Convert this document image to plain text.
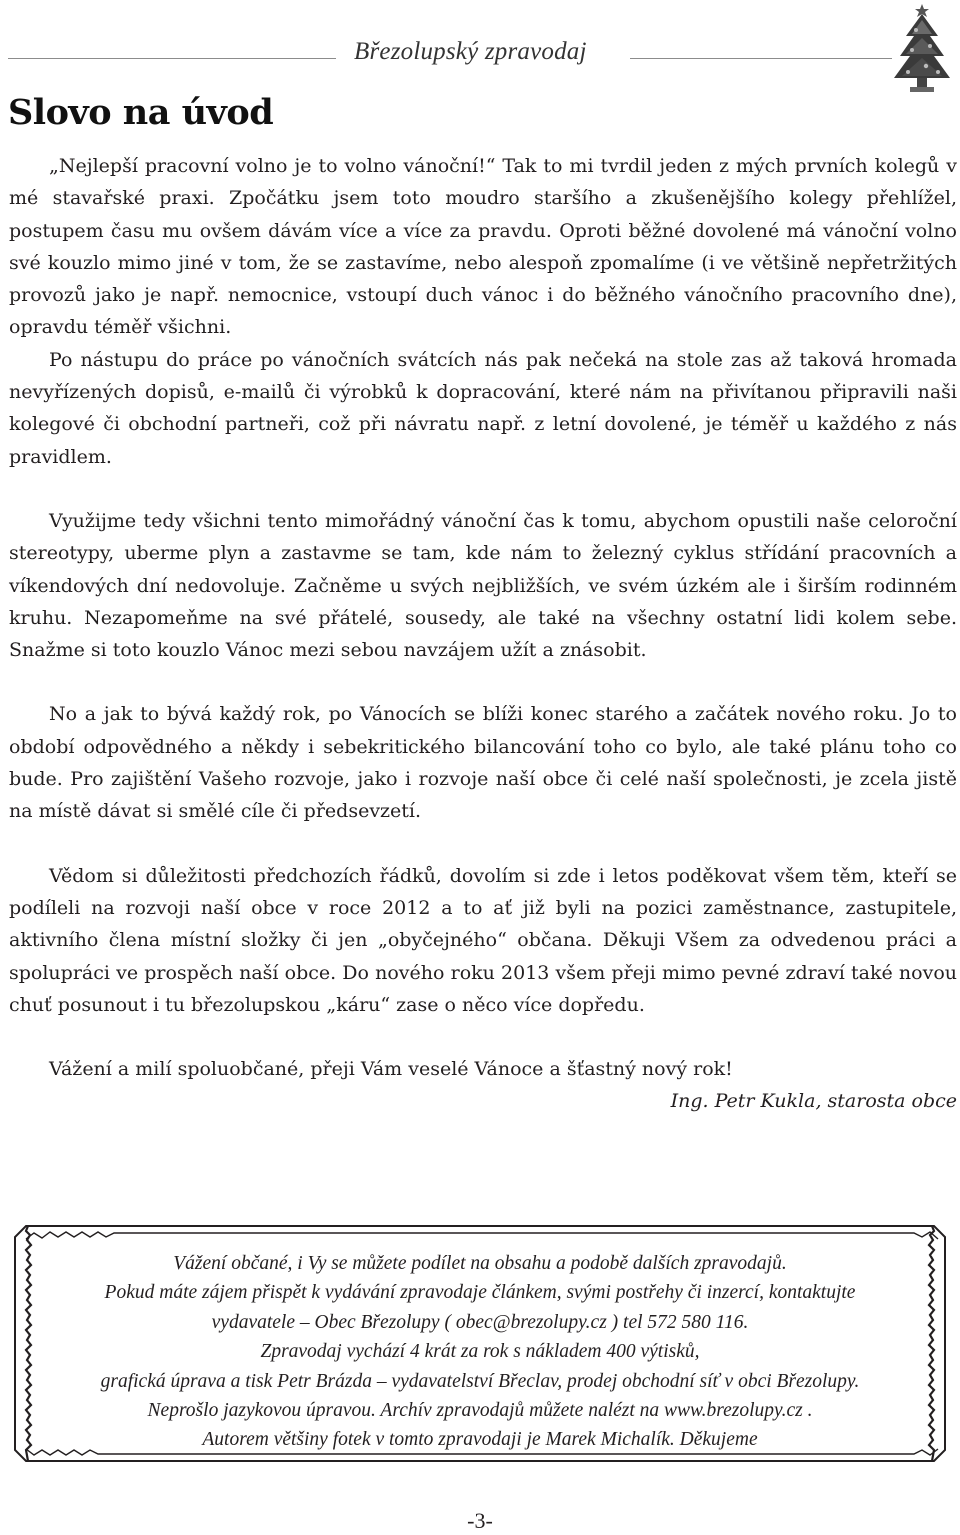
Březolupský zpravodaj
Slovo na úvod

„Nejlepší pracovní volno je to volno vánoční!“ Tak to mi tvrdil jeden z mých prvních kolegů v mé stavařské praxi. Zpočátku jsem toto moudro staršího a zkušenějšího kolegy přehlížel, postupem času mu ovšem dávám více a více za pravdu. Oproti běžné dovolené má vánoční volno své kouzlo mimo jiné v tom, že se zastavíme, nebo alespoň zpomalíme (i ve většině nepřetržitých provozů jako je např. nemocnice, vstoupí duch vánoc i do běžného vánočního pracovního dne), opravdu téměř všichni.

Po nástupu do práce po vánočních svátcích nás pak nečeká na stole zas až taková hromada nevyřízených dopisů, e-mailů či výrobků k dopracování, které nám na přivítanou připravili naši kolegové či obchodní partneři, což při návratu např. z letní dovolené, je téměř u každého z nás pravidlem.

Využijme tedy všichni tento mimořádný vánoční čas k tomu, abychom opustili naše celoroční stereotypy, uberme plyn a zastavme se tam, kde nám to železný cyklus střídání pracovních a víkendových dní nedovoluje. Začněme u svých nejbližších, ve svém úzkém ale i širším rodinném kruhu. Nezapomeňme na své přátelé, sousedy, ale také na všechny ostatní lidi kolem sebe. Snažme si toto kouzlo Vánoc mezi sebou navzájem užít a znásobit.

No a jak to bývá každý rok, po Vánocích se blíži konec starého a začátek nového roku. Jo to období odpovědného a někdy i sebekritického bilancování toho co bylo, ale také plánu toho co bude. Pro zajištění Vašeho rozvoje, jako i rozvoje naší obce či celé naší společnosti, je zcela jistě na místě dávat si smělé cíle či předsevzetí.

Vědom si důležitosti předchozích řádků, dovolím si zde i letos poděkovat všem těm, kteří se podíleli na rozvoji naší obce v roce 2012 a to ať již byli na pozici zaměstnance, zastupitele, aktivního člena místní složky či jen „obyčejného“ občana. Děkuji Všem za odvedenou práci a spolupráci ve prospěch naší obce. Do nového roku 2013 všem přeji mimo pevné zdraví také novou chuť posunout i tu březolupskou „káru“ zase o něco více dopředu.

Vážení a milí spoluobčané, přeji Vám veselé Vánoce a šťastný nový rok!

Ing. Petr Kukla, starosta obce

Vážení občané, i Vy se můžete podílet na obsahu a podobě dalších zpravodajů.
Pokud máte zájem přispět k vydávání zpravodaje článkem, svými postřehy či inzercí, kontaktujte
vydavatele – Obec Březolupy ( obec@brezolupy.cz ) tel 572 580 116.
Zpravodaj vychází 4 krát za rok s nákladem 400 výtisků,
grafická úprava a tisk Petr Brázda – vydavatelství Břeclav, prodej obchodní síť v obci Březolupy.
Neprošlo jazykovou úpravou. Archív zpravodajů můžete nalézt na www.brezolupy.cz .
Autorem většiny fotek v tomto zpravodaji je Marek Michalík. Děkujeme
-3-
